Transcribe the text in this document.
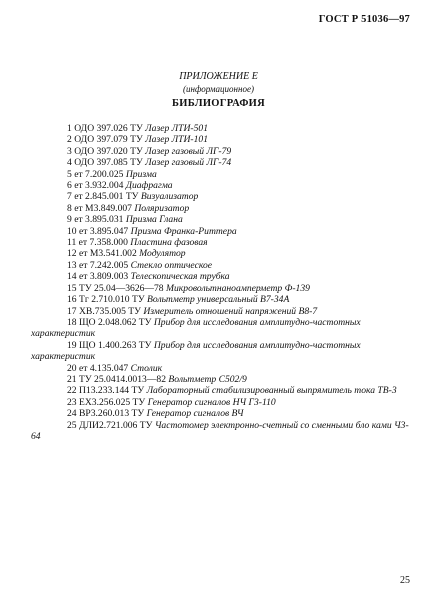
ГОСТ Р 51036—97
ПРИЛОЖЕНИЕ Е
(информационное)
БИБЛИОГРАФИЯ
1 ОДО 397.026 ТУ Лазер ЛТИ-501
2 ОДО 397.079 ТУ Лазер ЛТИ-101
3 ОДО 397.020 ТУ Лазер газовый ЛГ-79
4 ОДО 397.085 ТУ Лазер газовый ЛГ-74
5 ет 7.200.025 Призма
6 ет 3.932.004 Диафрагма
7 ет 2.845.001 ТУ Визуализатор
8 ет М3.849.007 Поляризатор
9 ет 3.895.031 Призма Глана
10 ет 3.895.047 Призма Франка-Риттера
11 ет 7.358.000 Пластина фазовая
12 ет М3.541.002 Модулятор
13 ет 7.242.005 Стекло оптическое
14 ет 3.809.003 Телескопическая трубка
15 ТУ 25.04—3626—78 Микровольтнаноамперметр Ф-139
16 Тг 2.710.010 ТУ Вольтметр универсальный В7-34А
17 ХВ.735.005 ТУ Измеритель отношений напряжений В8-7
18 ЩО 2.048.062 ТУ Прибор для исследования амплитудно-частотных характеристик
19 ЩО 1.400.263 ТУ Прибор для исследования амплитудно-частотных характеристик
20 ет 4.135.047 Столик
21 ТУ 25.0414.0013—82 Вольтметр С502/9
22 П13.233.144 ТУ Лабораторный стабилизированный выпрямитель тока ТВ-3
23 ЕХ3.256.025 ТУ Генератор сигналов НЧ Г3-110
24 ВР3.260.013 ТУ Генератор сигналов ВЧ
25 ДЛИ2.721.006 ТУ Частотомер электронно-счетный со сменными бло ками Ч3-64
25
